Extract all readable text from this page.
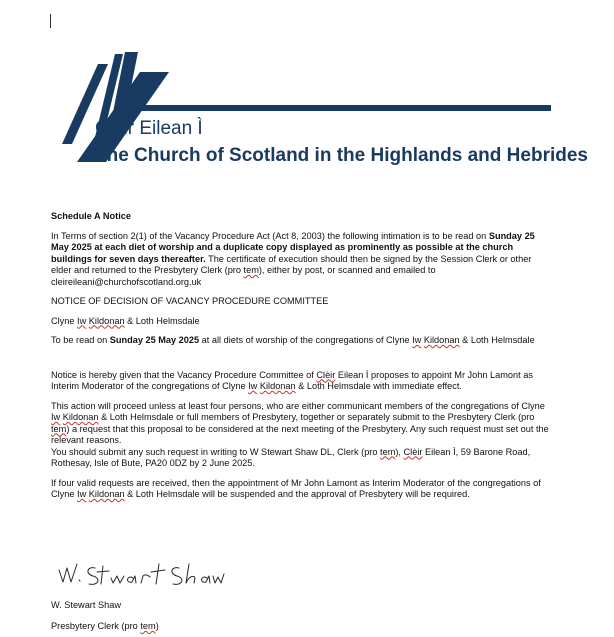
Clèir Eilean Ì
The Church of Scotland in the Highlands and Hebrides

Schedule A Notice

In Terms of section 2(1) of the Vacancy Procedure Act (Act 8, 2003) the following intimation is to be read on Sunday 25 May 2025 at each diet of worship and a duplicate copy displayed as prominently as possible at the church buildings for seven days thereafter. The certificate of execution should then be signed by the Session Clerk or other elder and returned to the Presbytery Clerk (pro tem), either by post, or scanned and emailed to cleireileani@churchofscotland.org.uk

NOTICE OF DECISION OF VACANCY PROCEDURE COMMITTEE

Clyne Iw Kildonan & Loth Helmsdale

To be read on Sunday 25 May 2025 at all diets of worship of the congregations of Clyne Iw Kildonan & Loth Helmsdale

Notice is hereby given that the Vacancy Procedure Committee of Clèir Eilean Ì proposes to appoint Mr John Lamont as Interim Moderator of the congregations of Clyne Iw Kildonan & Loth Helmsdale with immediate effect.

This action will proceed unless at least four persons, who are either communicant members of the congregations of Clyne Iw Kildonan & Loth Helmsdale or full members of Presbytery, together or separately submit to the Presbytery Clerk (pro tem) a request that this proposal to be considered at the next meeting of the Presbytery. Any such request must set out the relevant reasons.

You should submit any such request in writing to W Stewart Shaw DL, Clerk (pro tem), Clèir Eilean Ì, 59 Barone Road, Rothesay, Isle of Bute, PA20 0DZ by 2 June 2025.

If four valid requests are received, then the appointment of Mr John Lamont as Interim Moderator of the congregations of Clyne Iw Kildonan & Loth Helmsdale will be suspended and the approval of Presbytery will be required.

W. Stewart Shaw
Presbytery Clerk (pro tem)
